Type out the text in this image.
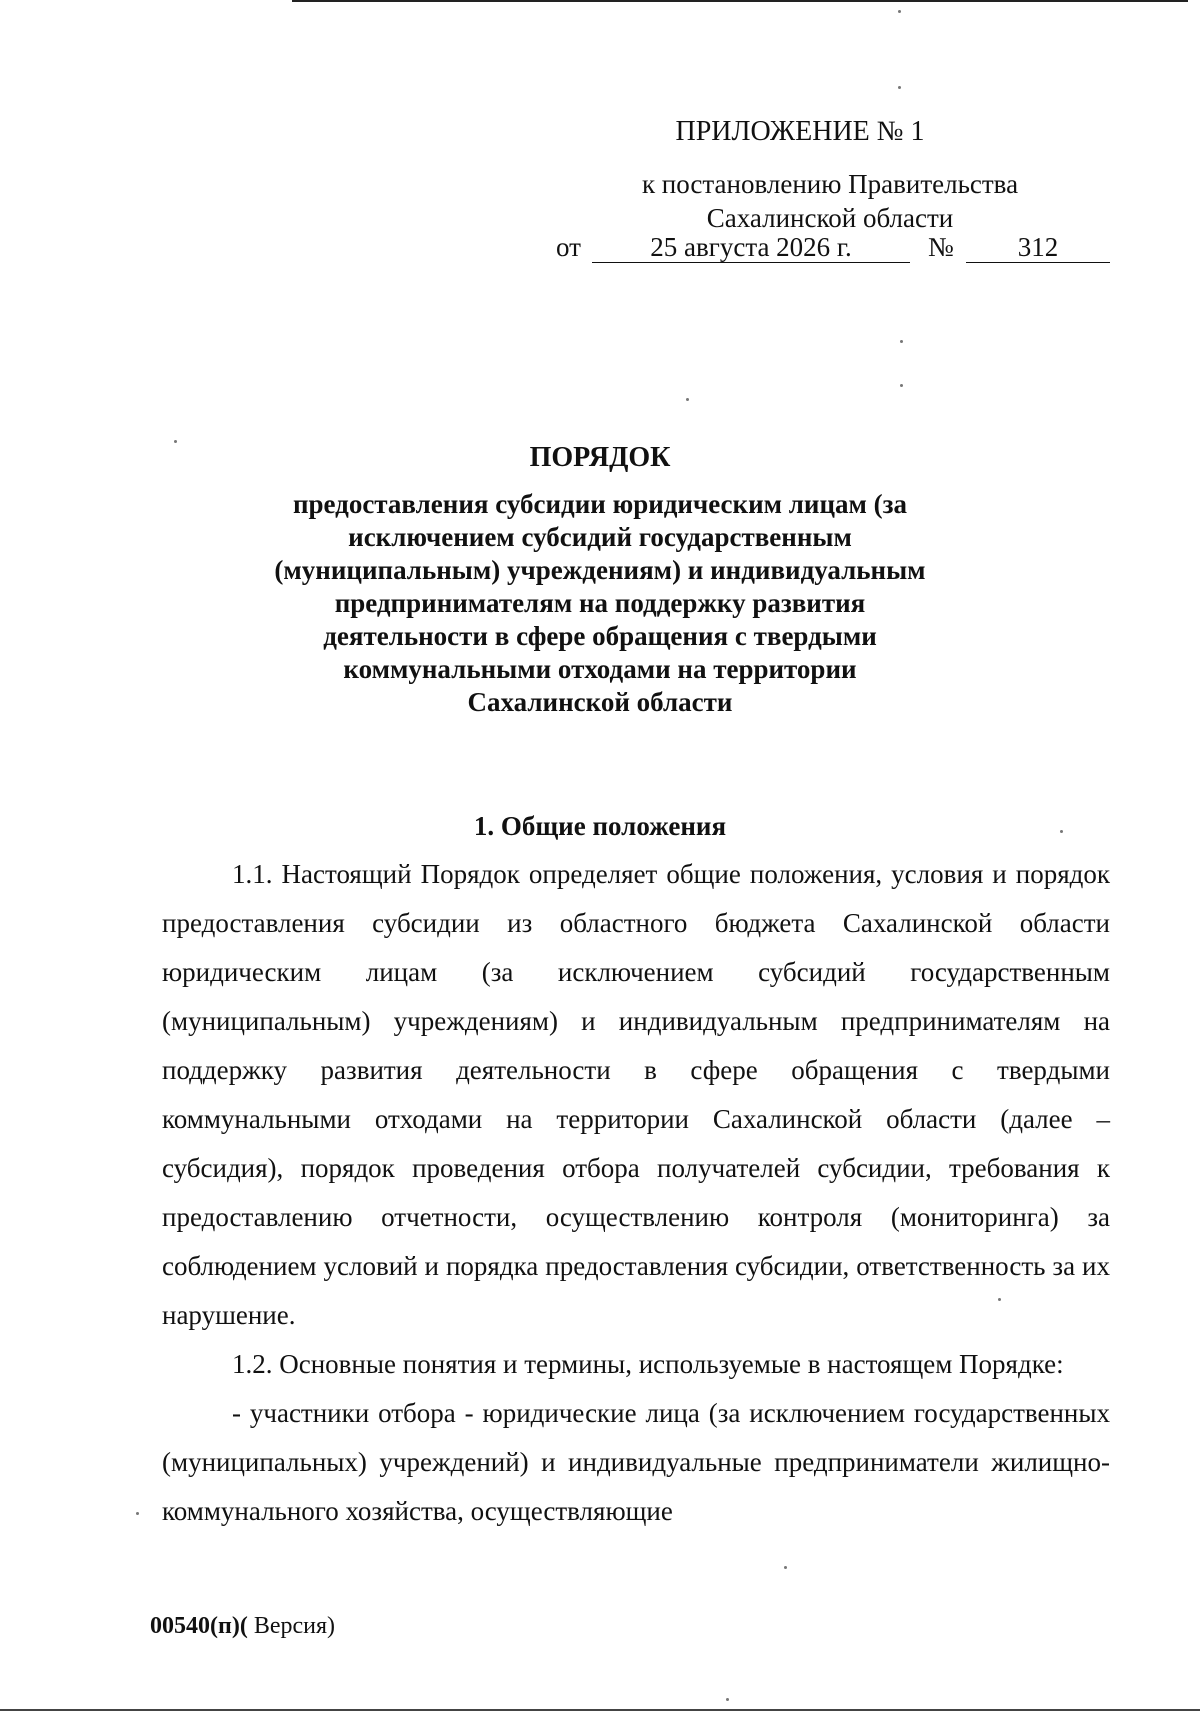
ПРИЛОЖЕНИЕ № 1
к постановлению Правительства
Сахалинской области
от	25 августа 2026 г.	№	312
ПОРЯДОК
предоставления субсидии юридическим лицам (за
исключением субсидий государственным
(муниципальным) учреждениям) и индивидуальным
предпринимателям на поддержку развития
деятельности в сфере обращения с твердыми
коммунальными отходами на территории
Сахалинской области
1. Общие положения

1.1. Настоящий Порядок определяет общие положения, условия и порядок предоставления субсидии из областного бюджета Сахалинской области юридическим лицам (за исключением субсидий государственным (муниципальным) учреждениям) и индивидуальным предпринимателям на поддержку развития деятельности в сфере обращения с твердыми коммунальными отходами на территории Сахалинской области (далее – субсидия), порядок проведения отбора получателей субсидии, требования к предоставлению отчетности, осуществлению контроля (мониторинга) за соблюдением условий и порядка предоставления субсидии, ответственность за их нарушение.

1.2. Основные понятия и термины, используемые в настоящем Порядке:

- участники отбора - юридические лица (за исключением государственных (муниципальных) учреждений) и индивидуальные предприниматели жилищно-коммунального хозяйства, осуществляющие

00540(п)( Версия)
